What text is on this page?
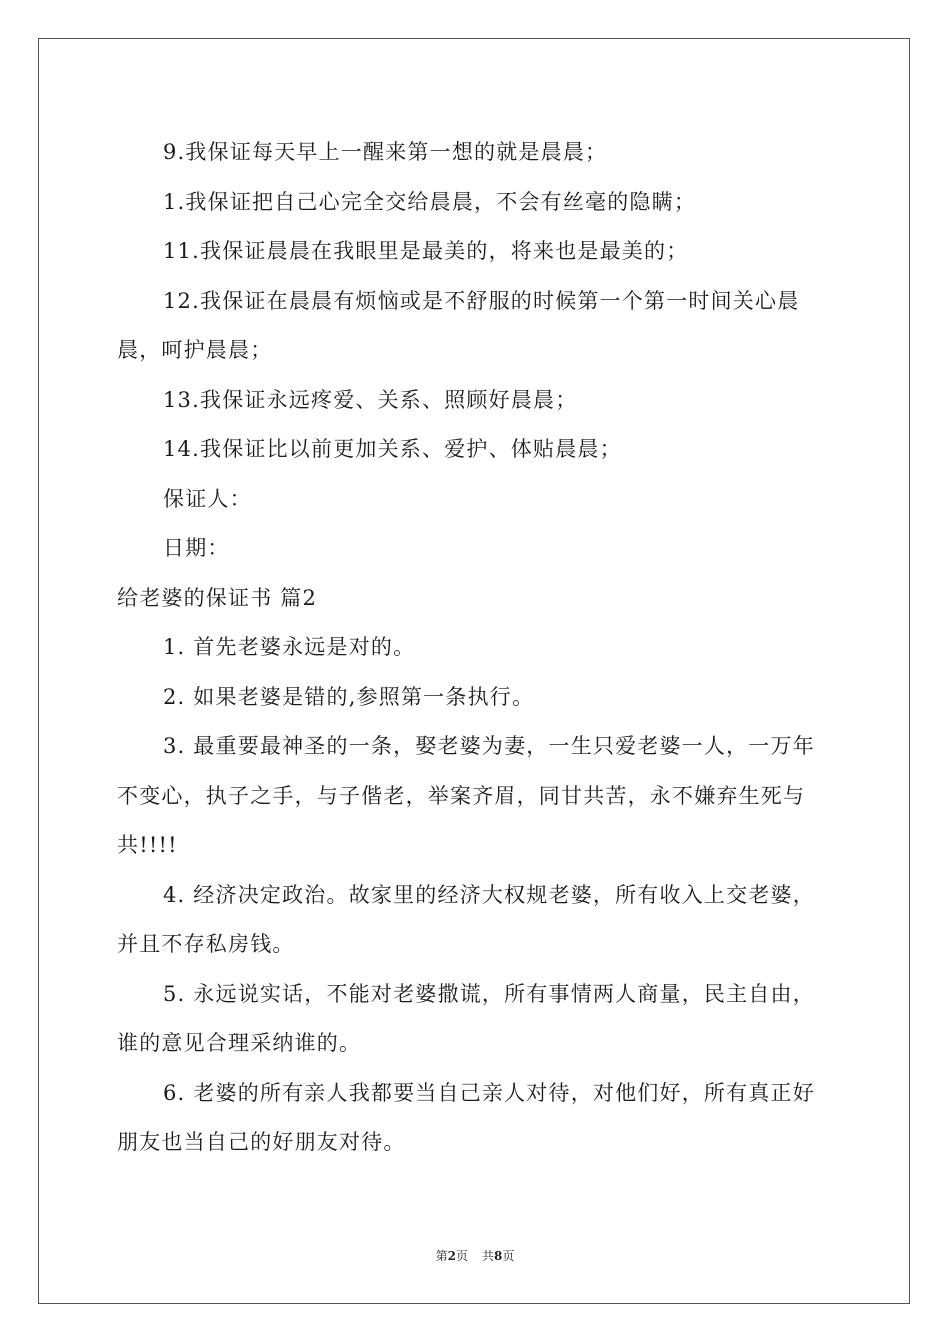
9.我保证每天早上一醒来第一想的就是晨晨；

1.我保证把自己心完全交给晨晨，不会有丝毫的隐瞒；

11.我保证晨晨在我眼里是最美的，将来也是最美的；

12.我保证在晨晨有烦恼或是不舒服的时候第一个第一时间关心晨晨，呵护晨晨；

13.我保证永远疼爱、关系、照顾好晨晨；

14.我保证比以前更加关系、爱护、体贴晨晨；

保证人：

日期：

给老婆的保证书 篇2

1. 首先老婆永远是对的。

2. 如果老婆是错的,参照第一条执行。

3. 最重要最神圣的一条，娶老婆为妻，一生只爱老婆一人，一万年不变心，执子之手，与子偕老，举案齐眉，同甘共苦，永不嫌弃生死与共!!!!

4. 经济决定政治。故家里的经济大权规老婆，所有收入上交老婆，并且不存私房钱。

5. 永远说实话，不能对老婆撒谎，所有事情两人商量，民主自由，谁的意见合理采纳谁的。

6. 老婆的所有亲人我都要当自己亲人对待，对他们好，所有真正好朋友也当自己的好朋友对待。

第2页 共8页
